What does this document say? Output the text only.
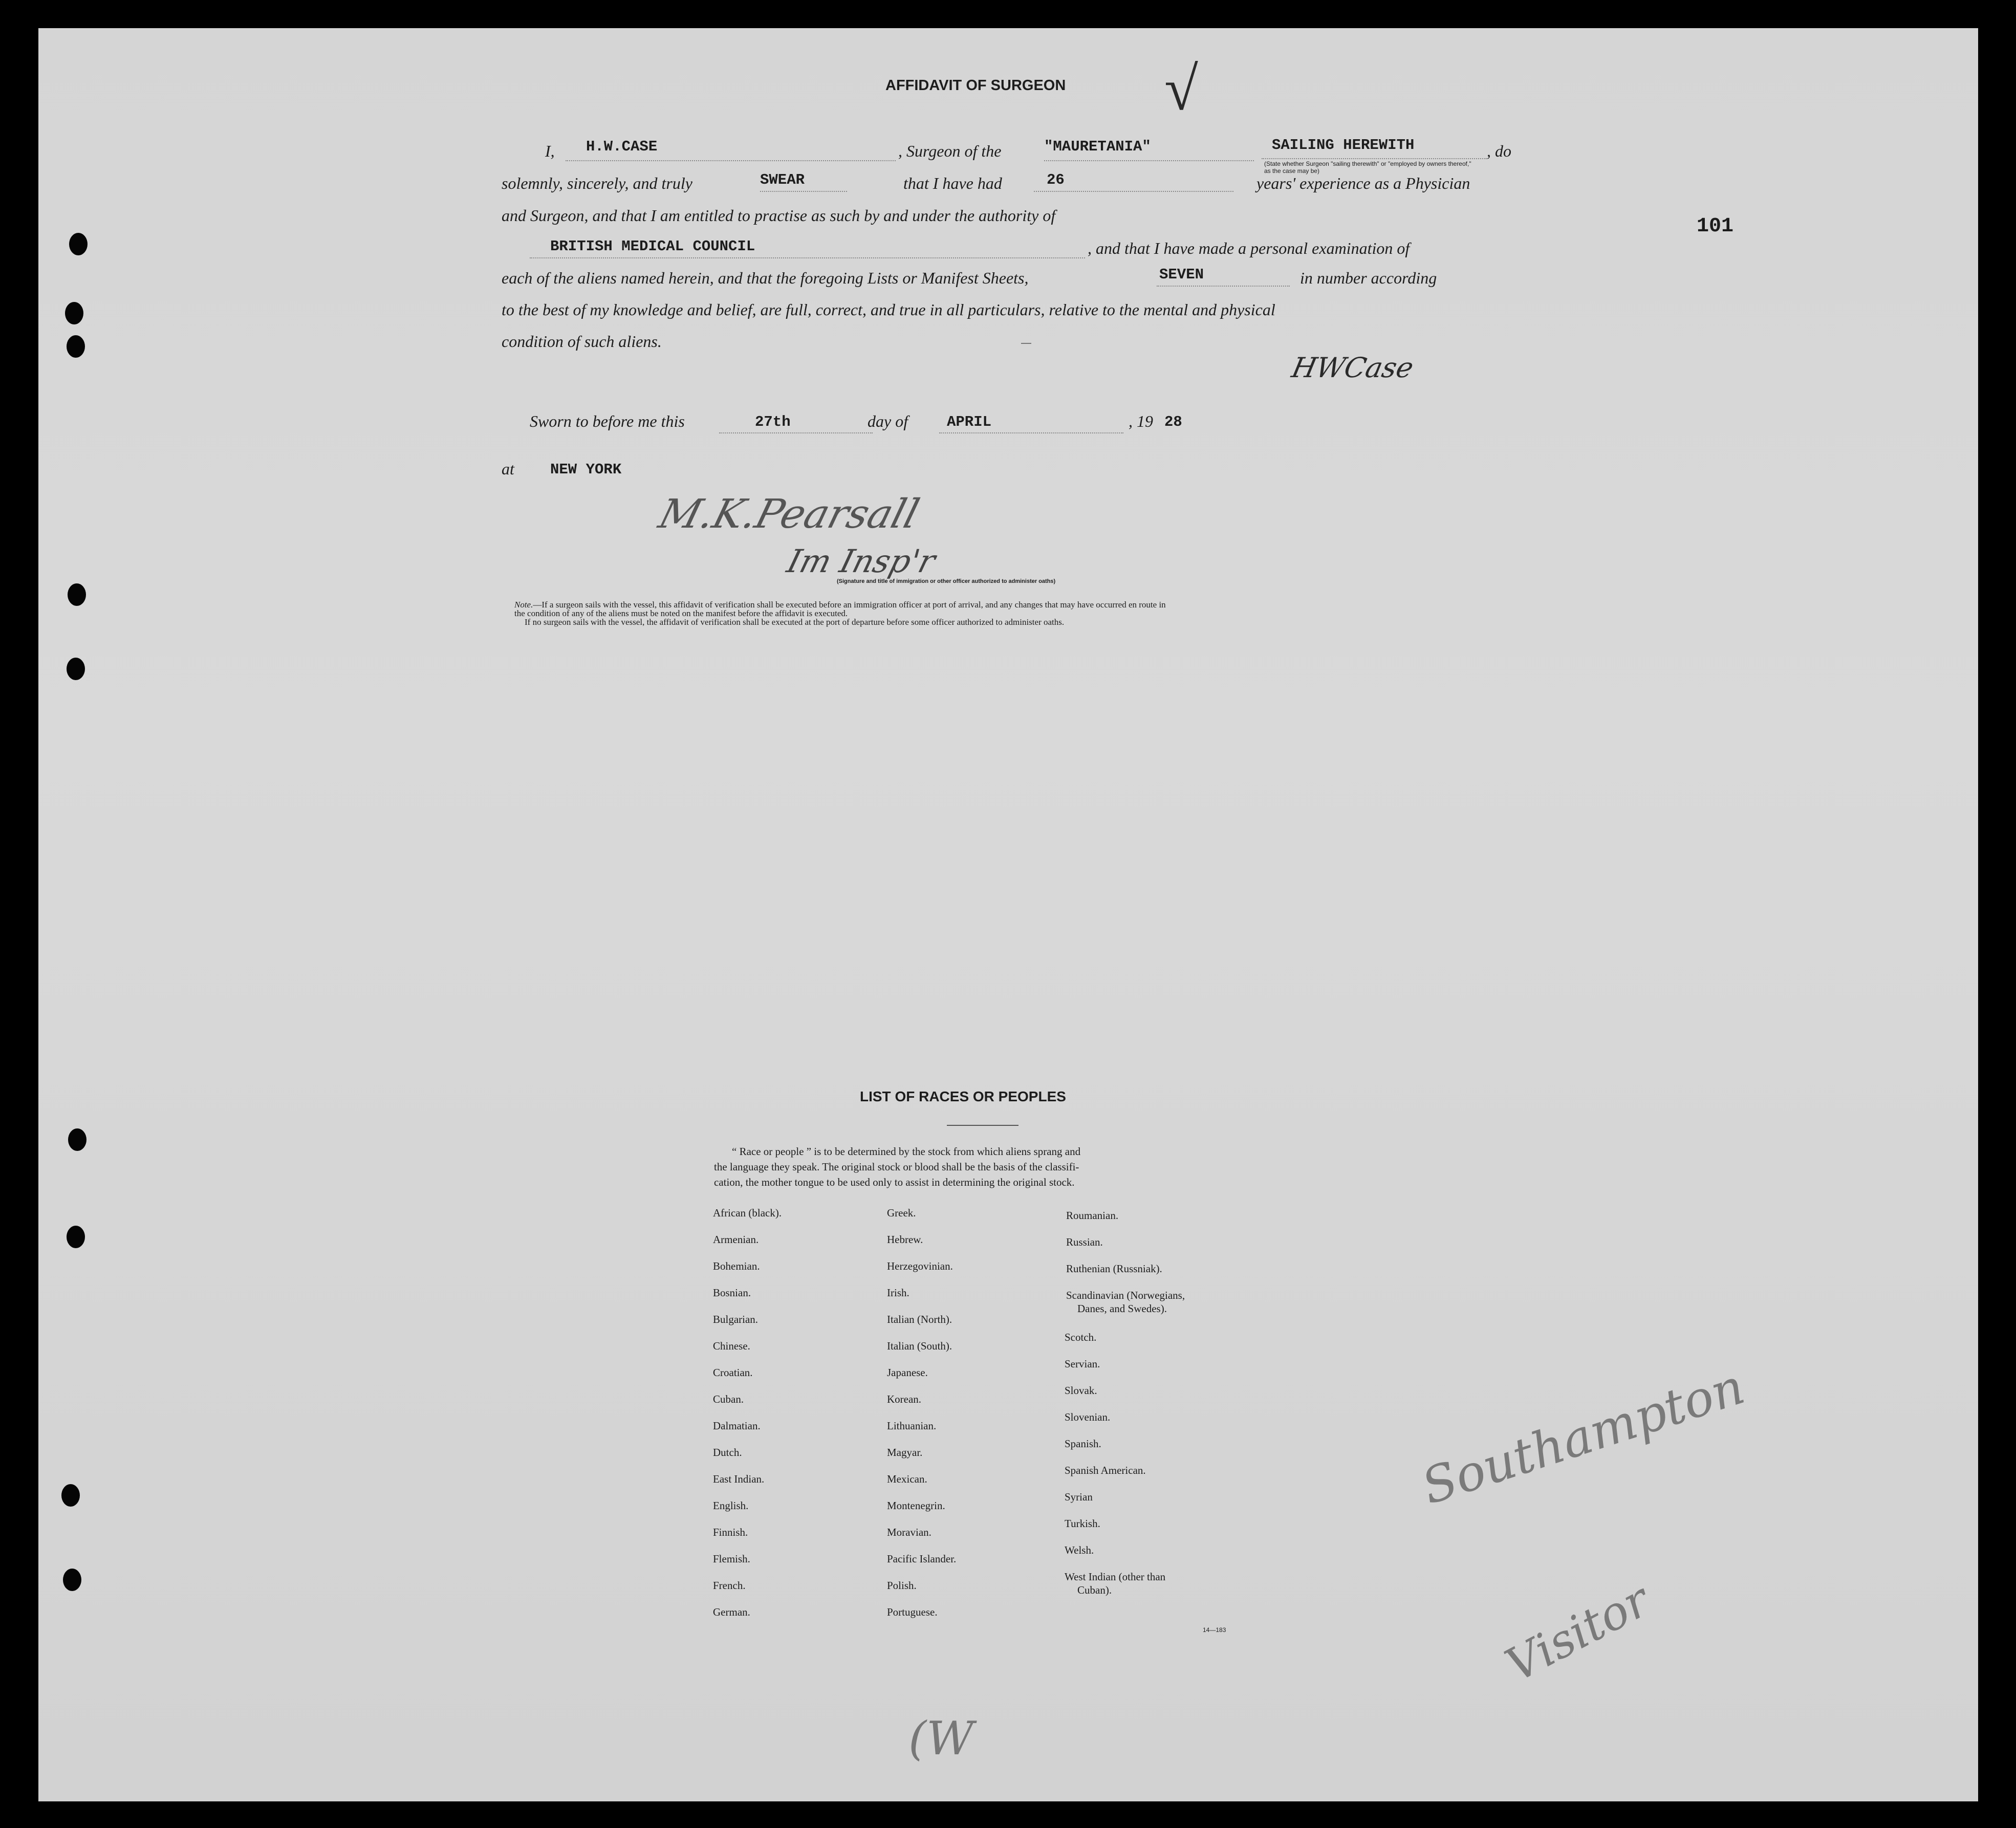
101
AFFIDAVIT OF SURGEON √
I, H.W.CASE	, Surgeon of the	"MAURETANIA"	SAILING HEREWITH	, do
(State whether Surgeon "sailing therewith" or "employed by owners thereof," as the case may be)
solemnly, sincerely, and truly	SWEAR	that I have had	26	years' experience as a Physician
and Surgeon, and that I am entitled to practise as such by and under the authority of
BRITISH MEDICAL COUNCIL	, and that I have made a personal examination of
each of the aliens named herein, and that the foregoing Lists or Manifest Sheets,	SEVEN	in number according
to the best of my knowledge and belief, are full, correct, and true in all particulars, relative to the mental and physical
condition of such aliens.
HWCase
Sworn to before me this	27th	day of	APRIL	, 19 28
at NEW YORK
M.K.Pearsall
Im Insp'r
(Signature and title of immigration or other officer authorized to administer oaths)
Note.—If a surgeon sails with the vessel, this affidavit of verification shall be executed before an immigration officer at port of arrival, and any changes that may have occurred en route in
the condition of any of the aliens must be noted on the manifest before the affidavit is executed.
If no surgeon sails with the vessel, the affidavit of verification shall be executed at the port of departure before some officer authorized to administer oaths.
LIST OF RACES OR PEOPLES
“ Race or people ” is to be determined by the stock from which aliens sprang and
the language they speak. The original stock or blood shall be the basis of the classifi-
cation, the mother tongue to be used only to assist in determining the original stock.
14—183
Southampton
Visitor
(W
African (black).
Armenian.
Bohemian.
Bosnian.
Bulgarian.
Chinese.
Croatian.
Cuban.
Dalmatian.
Dutch.
East Indian.
English.
Finnish.
Flemish.
French.
German.
Greek.
Hebrew.
Herzegovinian.
Irish.
Italian (North).
Italian (South).
Japanese.
Korean.
Lithuanian.
Magyar.
Mexican.
Montenegrin.
Moravian.
Pacific Islander.
Polish.
Portuguese.
Roumanian.
Russian.
Ruthenian (Russniak).
Scandinavian (Norwegians,
Danes, and Swedes).
Scotch.
Servian.
Slovak.
Slovenian.
Spanish.
Spanish American.
Syrian
Turkish.
Welsh.
West Indian (other than
Cuban).
